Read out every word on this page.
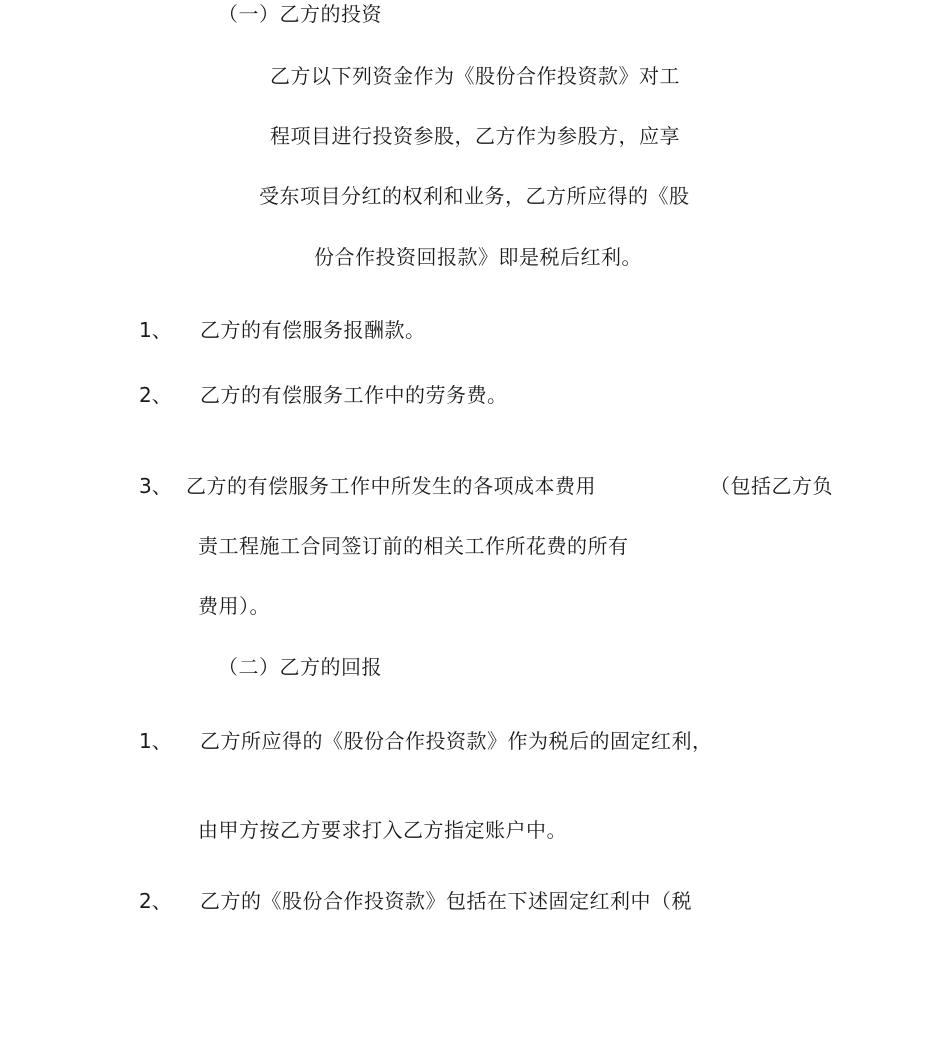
（一）乙方的投资
乙方以下列资金作为《股份合作投资款》对工
程项目进行投资参股，乙方作为参股方，应享
受东项目分红的权利和业务，乙方所应得的《股
份合作投资回报款》即是税后红利。
1、 乙方的有偿服务报酬款。
2、 乙方的有偿服务工作中的劳务费。
3、 乙方的有偿服务工作中所发生的各项成本费用	（包括乙方负
责工程施工合同签订前的相关工作所花费的所有
费用）。
（二）乙方的回报
1、 乙方所应得的《股份合作投资款》作为税后的固定红利，
由甲方按乙方要求打入乙方指定账户中。
2、 乙方的《股份合作投资款》包括在下述固定红利中（税
